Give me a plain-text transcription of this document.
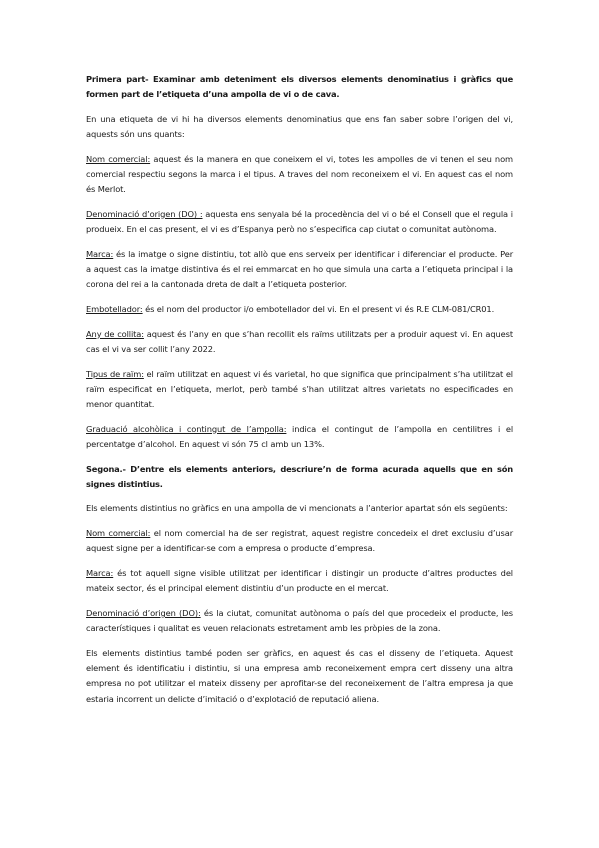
Primera part- Examinar amb deteniment els diversos elements denominatius i gràfics que formen part de l’etiqueta d’una ampolla de vi o de cava.

En una etiqueta de vi hi ha diversos elements denominatius que ens fan saber sobre l’origen del vi, aquests són uns quants:

Nom comercial: aquest és la manera en que coneixem el vi, totes les ampolles de vi tenen el seu nom comercial respectiu segons la marca i el tipus. A traves del nom reconeixem el vi. En aquest cas el nom és Merlot.

Denominació d’origen (DO) : aquesta ens senyala bé la procedència del vi o bé el Consell que el regula i produeix. En el cas present, el vi es d’Espanya però no s’especifica cap ciutat o comunitat autònoma.

Marca: és la imatge o signe distintiu, tot allò que ens serveix per identificar i diferenciar el producte. Per a aquest cas la imatge distintiva és el rei emmarcat en ho que simula una carta a l’etiqueta principal i la corona del rei a la cantonada dreta de dalt a l’etiqueta posterior.

Embotellador: és el nom del productor i/o embotellador del vi. En el present vi és R.E CLM-081/CR01.

Any de collita: aquest és l’any en que s’han recollit els raïms utilitzats per a produir aquest vi. En aquest cas el vi va ser collit l’any 2022.

Tipus de raïm: el raïm utilitzat en aquest vi és varietal, ho que significa que principalment s’ha utilitzat el raïm especificat en l’etiqueta, merlot, però també s’han utilitzat altres varietats no especificades en menor quantitat.

Graduació alcohòlica i contingut de l’ampolla: indica el contingut de l’ampolla en centilitres i el percentatge d’alcohol. En aquest vi són 75 cl amb un 13%.

Segona.- D’entre els elements anteriors, descriure’n de forma acurada aquells que en són signes distintius.

Els elements distintius no gràfics en una ampolla de vi mencionats a l’anterior apartat són els següents:

Nom comercial: el nom comercial ha de ser registrat, aquest registre concedeix el dret exclusiu d’usar aquest signe per a identificar-se com a empresa o producte d’empresa.

Marca: és tot aquell signe visible utilitzat per identificar i distingir un producte d’altres productes del mateix sector, és el principal element distintiu d’un producte en el mercat.

Denominació d’origen (DO): és la ciutat, comunitat autònoma o país del que procedeix el producte, les característiques i qualitat es veuen relacionats estretament amb les pròpies de la zona.

Els elements distintius també poden ser gràfics, en aquest és cas el disseny de l’etiqueta. Aquest element és identificatiu i distintiu, si una empresa amb reconeixement empra cert disseny una altra empresa no pot utilitzar el mateix disseny per aprofitar-se del reconeixement de l’altra empresa ja que estaria incorrent un delicte d’imitació o d’explotació de reputació aliena.
